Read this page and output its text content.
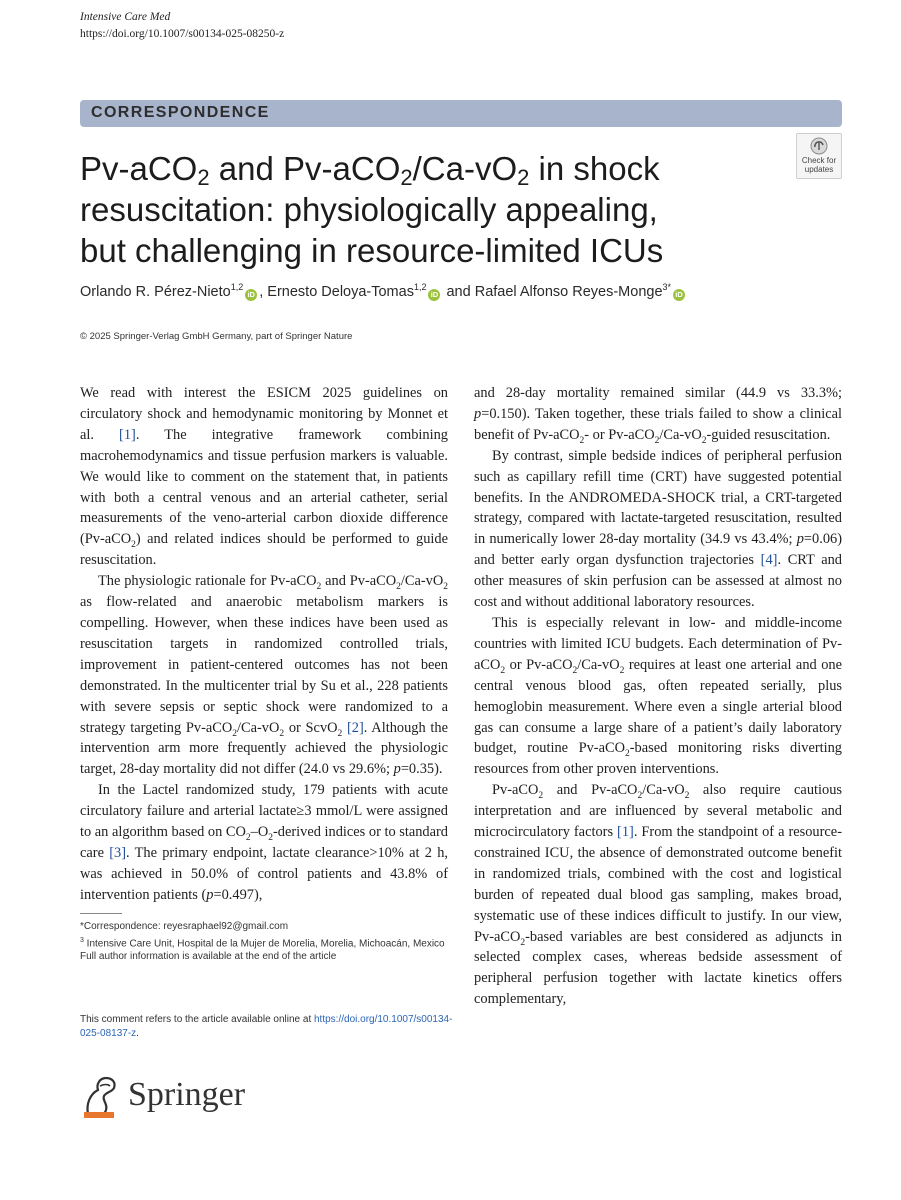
Intensive Care Med
https://doi.org/10.1007/s00134-025-08250-z
CORRESPONDENCE
Pv-aCO$_2$ and $Pv-aCO_2/Ca-vO_2$ in shock
resuscitation: physiologically appealing,
but challenging in resource-limited ICUs
Check for
updates
Orlando R. Pérez-Nieto$^{1,2}$iD , Ernesto Deloya-Tomas$^{1,2}$iD and Rafael Alfonso Reyes-Monge$^{3*}$iD
© 2025 Springer-Verlag GmbH Germany, part of Springer Nature

We read with interest the ESICM 2025 guidelines on circulatory shock and hemodynamic monitoring by Monnet et al. [1]. The integrative framework combining macrohemodynamics and tissue perfusion markers is valuable. We would like to comment on the statement that, in patients with both a central venous and an arterial catheter, serial measurements of the veno-arterial carbon dioxide difference (Pv-aCO$_2$) and related indices should be performed to guide resuscitation.

The physiologic rationale for Pv-aCO$_2$ and $Pv-aCO_2/Ca-vO_2$ as flow-related and anaerobic metabolism markers is compelling. However, when these indices have been used as resuscitation targets in randomized controlled trials, improvement in patient-centered outcomes has not been demonstrated. In the multicenter trial by Su et al., 228 patients with severe sepsis or septic shock were randomized to a strategy targeting $Pv-aCO_2/Ca-vO_2$ or ScvO$_2$ [2]. Although the intervention arm more frequently achieved the physiologic target, 28-day mortality did not differ (24.0 vs 29.6%; p=0.35).

In the Lactel randomized study, 179 patients with acute circulatory failure and arterial lactate≥3 mmol/L were assigned to an algorithm based on $CO_2-O_2$-derived indices or to standard care [3]. The primary endpoint, lactate clearance>10% at 2 h, was achieved in 50.0% of control patients and 43.8% of intervention patients (p=0.497),

and 28-day mortality remained similar (44.9 vs 33.3%; p=0.150). Taken together, these trials failed to show a clinical benefit of Pv-aCO$_2$- or $Pv-aCO_2/Ca-vO_2$-guided resuscitation.

By contrast, simple bedside indices of peripheral perfusion such as capillary refill time (CRT) have suggested potential benefits. In the ANDROMEDA-SHOCK trial, a CRT-targeted strategy, compared with lactate-targeted resuscitation, resulted in numerically lower 28-day mortality (34.9 vs 43.4%; p=0.06) and better early organ dysfunction trajectories [4]. CRT and other measures of skin perfusion can be assessed at almost no cost and without additional laboratory resources.

This is especially relevant in low- and middle-income countries with limited ICU budgets. Each determination of Pv-aCO$_2$ or $Pv-aCO_2/Ca-vO_2$ requires at least one arterial and one central venous blood gas, often repeated serially, plus hemoglobin measurement. Where even a single arterial blood gas can consume a large share of a patient’s daily laboratory budget, routine Pv-aCO$_2$-based monitoring risks diverting resources from other proven interventions.

Pv-aCO$_2$ and $Pv-aCO_2/Ca-vO_2$ also require cautious interpretation and are influenced by several metabolic and microcirculatory factors [1]. From the standpoint of a resource-constrained ICU, the absence of demonstrated outcome benefit in randomized trials, combined with the cost and logistical burden of repeated dual blood gas sampling, makes broad, systematic use of these indices difficult to justify. In our view, Pv-aCO$_2$-based variables are best considered as adjuncts in selected complex cases, whereas bedside assessment of peripheral perfusion together with lactate kinetics offers complementary,

*Correspondence: reyesraphael92@gmail.com
$^3$ Intensive Care Unit, Hospital de la Mujer de Morelia, Morelia, Michoacán, Mexico
Full author information is available at the end of the article
This comment refers to the article available online at https://doi.org/10.1007/s00134-025-08137-z.
Springer
